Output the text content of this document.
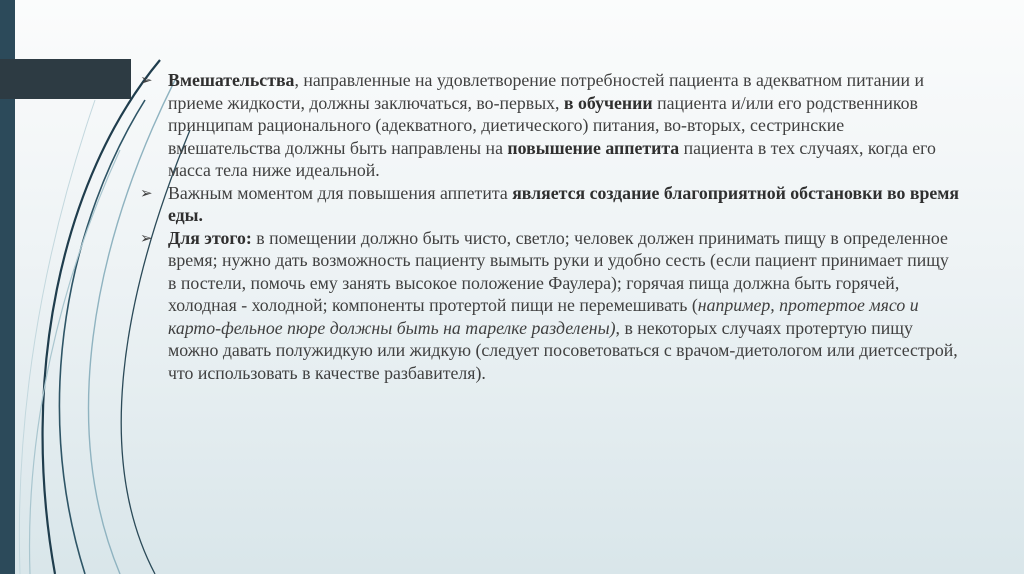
➢ Вмешательства, направленные на удовлетворение потребностей пациента в адекватном питании и приеме жидкости, должны заключаться, во-первых, в обучении пациента и/или его родственников принципам рационального (адекватного, диетического) питания, во-вторых, сестринские вмешательства должны быть направлены на повышение аппетита пациента в тех случаях, когда его масса тела ниже идеальной.
➢ Важным моментом для повышения аппетита является создание благоприятной обстановки во время еды.
➢ Для этого: в помещении должно быть чисто, светло; человек должен принимать пищу в определенное время; нужно дать возможность пациенту вымыть руки и удобно сесть (если пациент принимает пищу в постели, помочь ему занять высокое положение Фаулера); горячая пища должна быть горячей, холодная - холодной; компоненты протертой пищи не перемешивать (например, протертое мясо и карто-фельное пюре должны быть на тарелке разделены), в некоторых случаях протертую пищу можно давать полужидкую или жидкую (следует посоветоваться с врачом-диетологом или диетсестрой, что использовать в качестве разбавителя).
